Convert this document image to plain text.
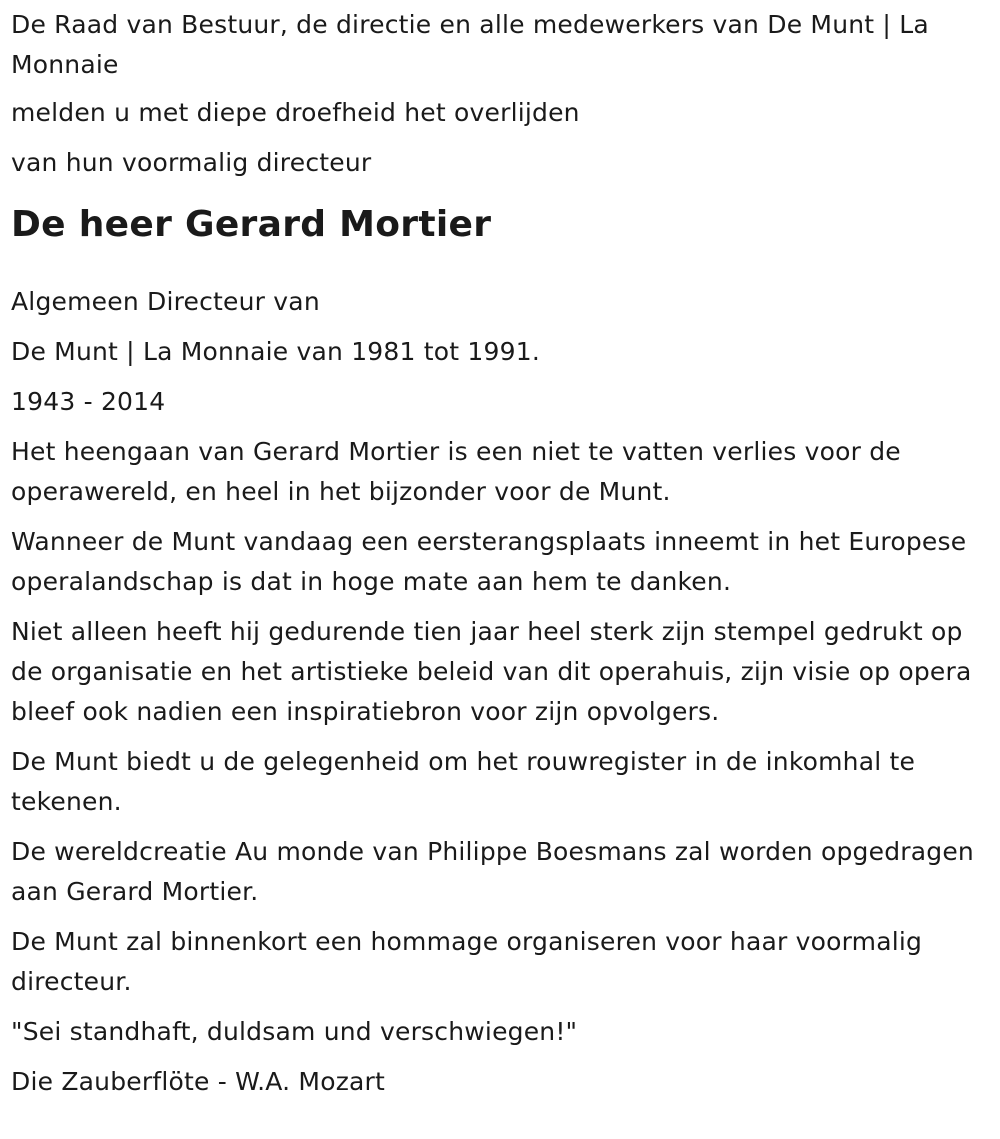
De Raad van Bestuur, de directie en alle medewerkers van De Munt | La Monnaie

melden u met diepe droefheid het overlijden

van hun voormalig directeur

De heer Gerard Mortier

Algemeen Directeur van

De Munt | La Monnaie van 1981 tot 1991.

1943 - 2014

Het heengaan van Gerard Mortier is een niet te vatten verlies voor de operawereld, en heel in het bijzonder voor de Munt.

Wanneer de Munt vandaag een eersterangsplaats inneemt in het Europese operalandschap is dat in hoge mate aan hem te danken.

Niet alleen heeft hij gedurende tien jaar heel sterk zijn stempel gedrukt op de organisatie en het artistieke beleid van dit operahuis, zijn visie op opera bleef ook nadien een inspiratiebron voor zijn opvolgers.

De Munt biedt u de gelegenheid om het rouwregister in de inkomhal te tekenen.

De wereldcreatie Au monde van Philippe Boesmans zal worden opgedragen aan Gerard Mortier.

De Munt zal binnenkort een hommage organiseren voor haar voormalig directeur.

"Sei standhaft, duldsam und verschwiegen!"

Die Zauberflöte - W.A. Mozart
